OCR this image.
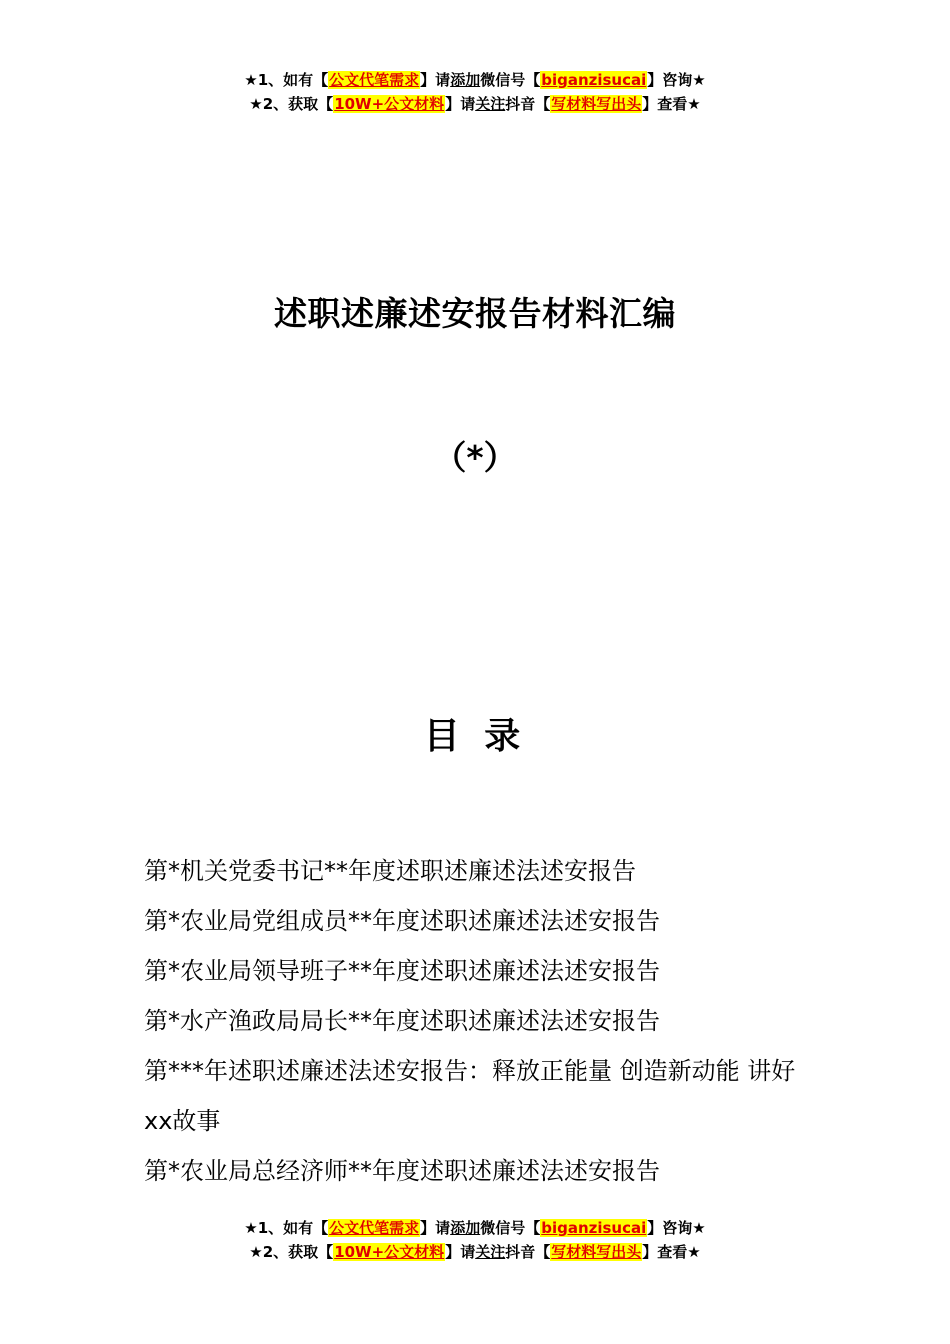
★1、如有【公文代笔需求】请添加微信号【biganzisucai】咨询★
★2、获取【10W+公文材料】请关注抖音【写材料写出头】查看★
述职述廉述安报告材料汇编
（*）
目 录
第*机关党委书记**年度述职述廉述法述安报告
第*农业局党组成员**年度述职述廉述法述安报告
第*农业局领导班子**年度述职述廉述法述安报告
第*水产渔政局局长**年度述职述廉述法述安报告
第***年述职述廉述法述安报告：释放正能量 创造新动能 讲好xx故事
第*农业局总经济师**年度述职述廉述法述安报告
★1、如有【公文代笔需求】请添加微信号【biganzisucai】咨询★
★2、获取【10W+公文材料】请关注抖音【写材料写出头】查看★
